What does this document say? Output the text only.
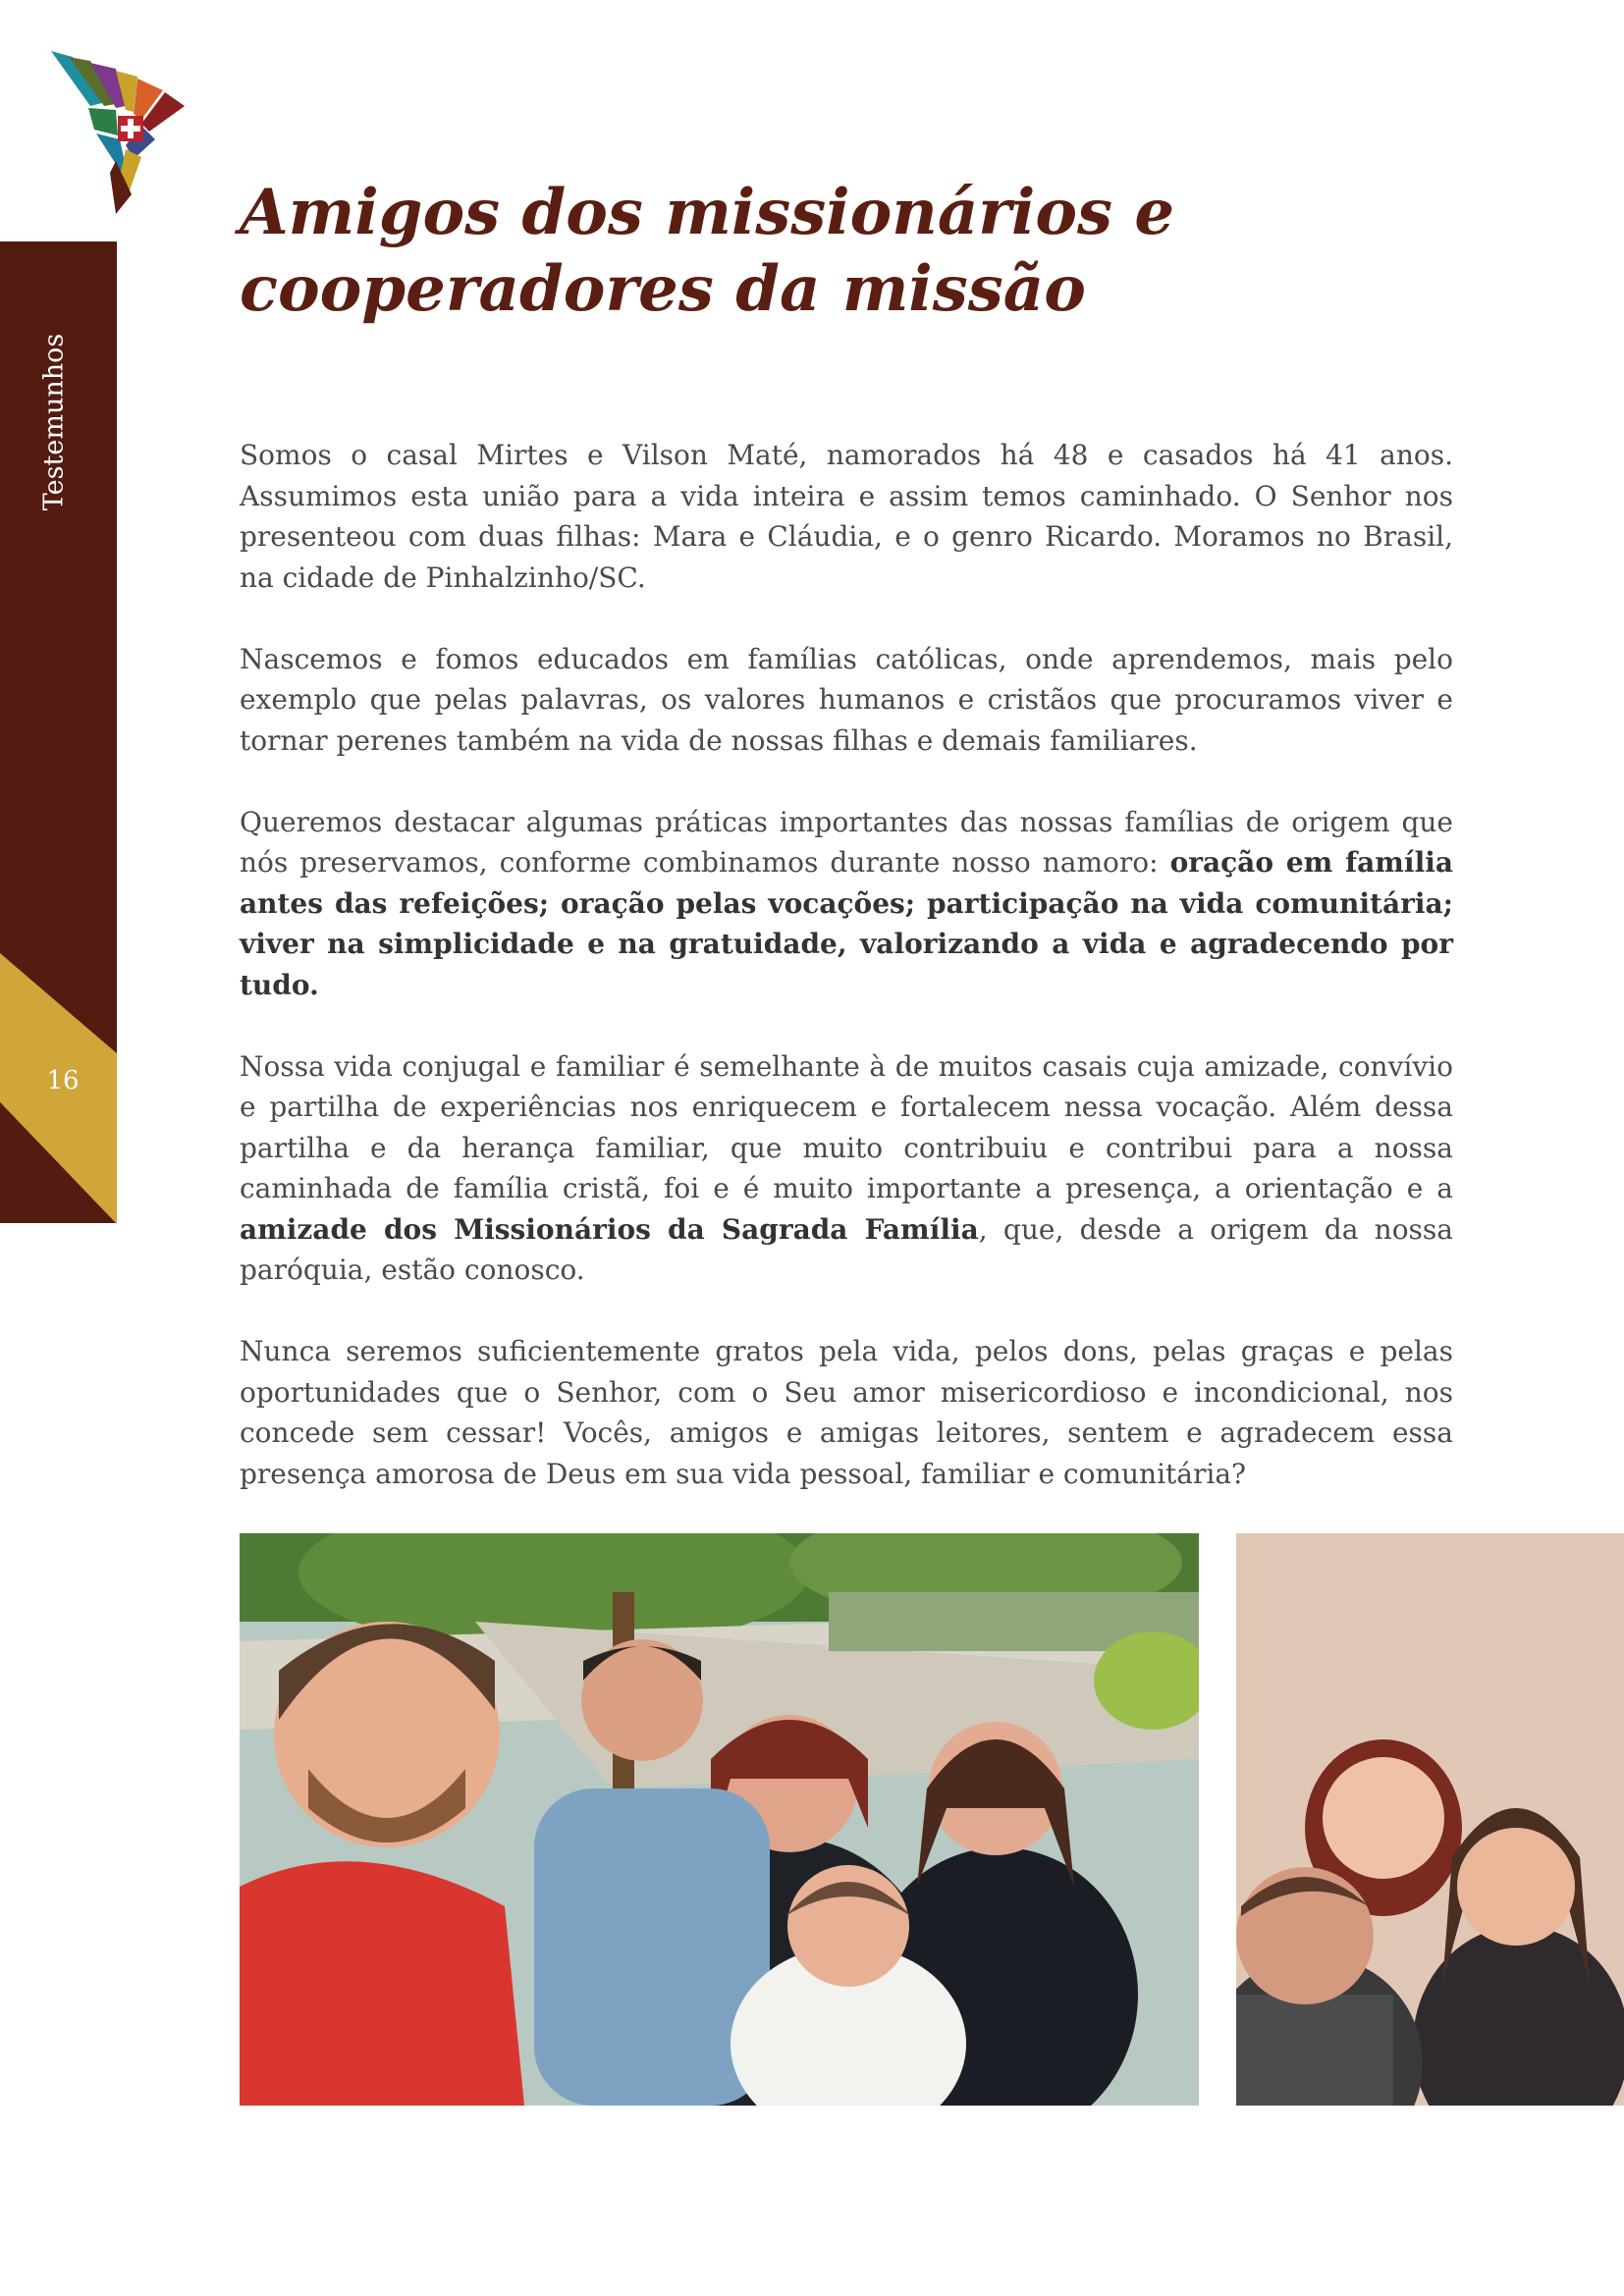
Testemunhos
16
Amigos dos missionários e
cooperadores da missão

Somos o casal Mirtes e Vilson Maté, namorados há 48 e casados há 41 anos. Assumimos esta união para a vida inteira e assim temos caminhado. O Senhor nos presenteou com duas filhas: Mara e Cláudia, e o genro Ricardo. Moramos no Brasil, na cidade de Pinhalzinho/SC.

Nascemos e fomos educados em famílias católicas, onde aprendemos, mais pelo exemplo que pelas palavras, os valores humanos e cristãos que procuramos viver e tornar perenes também na vida de nossas filhas e demais familiares.

Queremos destacar algumas práticas importantes das nossas famílias de origem que nós preservamos, conforme combinamos durante nosso namoro: oração em família antes das refeições; oração pelas vocações; participação na vida comunitária; viver na simplicidade e na gratuidade, valorizando a vida e agradecendo por tudo.

Nossa vida conjugal e familiar é semelhante à de muitos casais cuja amizade, convívio e partilha de experiências nos enriquecem e fortalecem nessa vocação. Além dessa partilha e da herança familiar, que muito contribuiu e contribui para a nossa caminhada de família cristã, foi e é muito importante a presença, a orientação e a amizade dos Missionários da Sagrada Família, que, desde a origem da nossa paróquia, estão conosco.

Nunca seremos suficientemente gratos pela vida, pelos dons, pelas graças e pelas oportunidades que o Senhor, com o Seu amor misericordioso e incondicional, nos concede sem cessar! Vocês, amigos e amigas leitores, sentem e agradecem essa presença amorosa de Deus em sua vida pessoal, familiar e comunitária?
